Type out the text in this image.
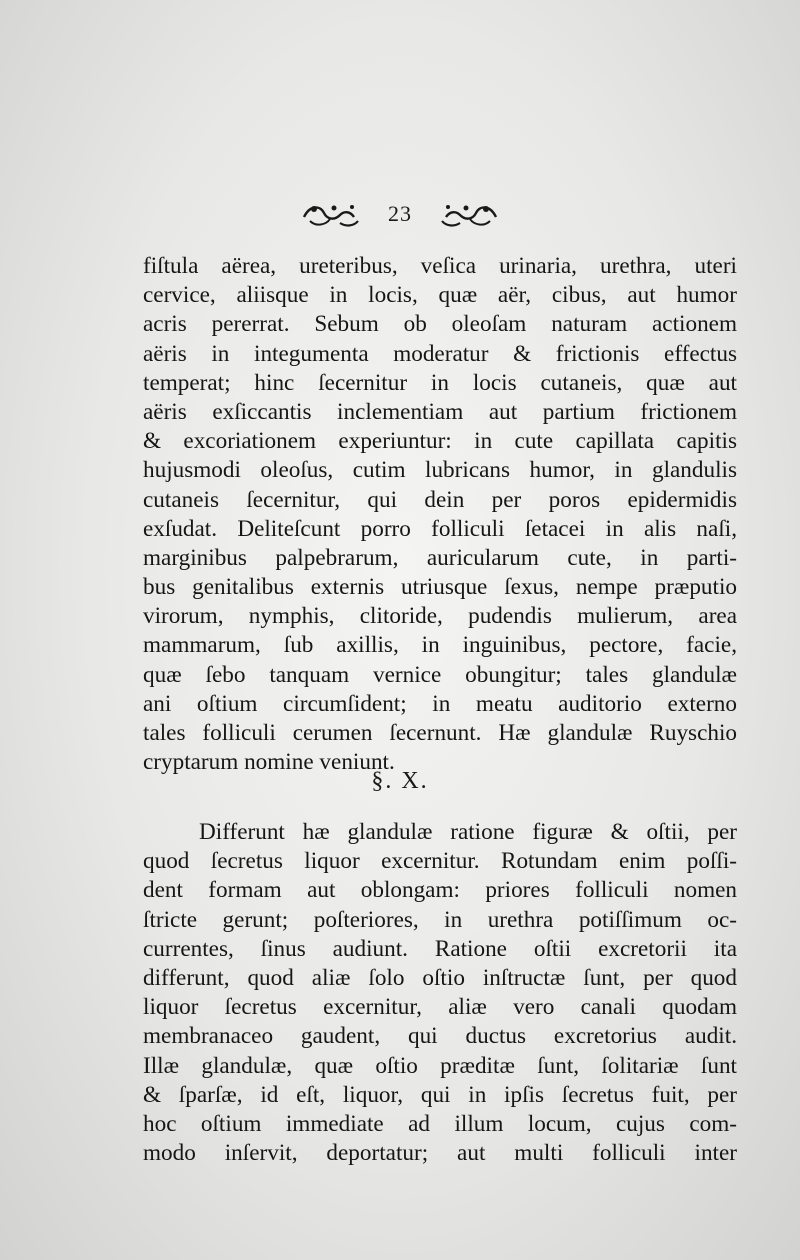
23
fiſtula aërea, ureteribus, veſica urinaria, urethra, uteri
cervice, aliisque in locis, quæ aër, cibus, aut humor
acris pererrat. Sebum ob oleoſam naturam actionem
aëris in integumenta moderatur & frictionis effectus
temperat; hinc ſecernitur in locis cutaneis, quæ aut
aëris exſiccantis inclementiam aut partium frictionem
& excoriationem experiuntur: in cute capillata capitis
hujusmodi oleoſus, cutim lubricans humor, in glandulis
cutaneis ſecernitur, qui dein per poros epidermidis
exſudat. Deliteſcunt porro folliculi ſetacei in alis naſi,
marginibus palpebrarum, auricularum cute, in parti-
bus genitalibus externis utriusque ſexus, nempe præputio
virorum, nymphis, clitoride, pudendis mulierum, area
mammarum, ſub axillis, in inguinibus, pectore, facie,
quæ ſebo tanquam vernice obungitur; tales glandulæ
ani oſtium circumſident; in meatu auditorio externo
tales folliculi cerumen ſecernunt. Hæ glandulæ Ruyschio
cryptarum nomine veniunt.
§. X.
Differunt hæ glandulæ ratione figuræ & oſtii, per
quod ſecretus liquor excernitur. Rotundam enim poſſi-
dent formam aut oblongam: priores folliculi nomen
ſtricte gerunt; poſteriores, in urethra potiſſimum oc-
currentes, ſinus audiunt. Ratione oſtii excretorii ita
differunt, quod aliæ ſolo oſtio inſtructæ ſunt, per quod
liquor ſecretus excernitur, aliæ vero canali quodam
membranaceo gaudent, qui ductus excretorius audit.
Illæ glandulæ, quæ oſtio præditæ ſunt, ſolitariæ ſunt
& ſparſæ, id eſt, liquor, qui in ipſis ſecretus fuit, per
hoc oſtium immediate ad illum locum, cujus com-
modo inſervit, deportatur; aut multi folliculi inter
